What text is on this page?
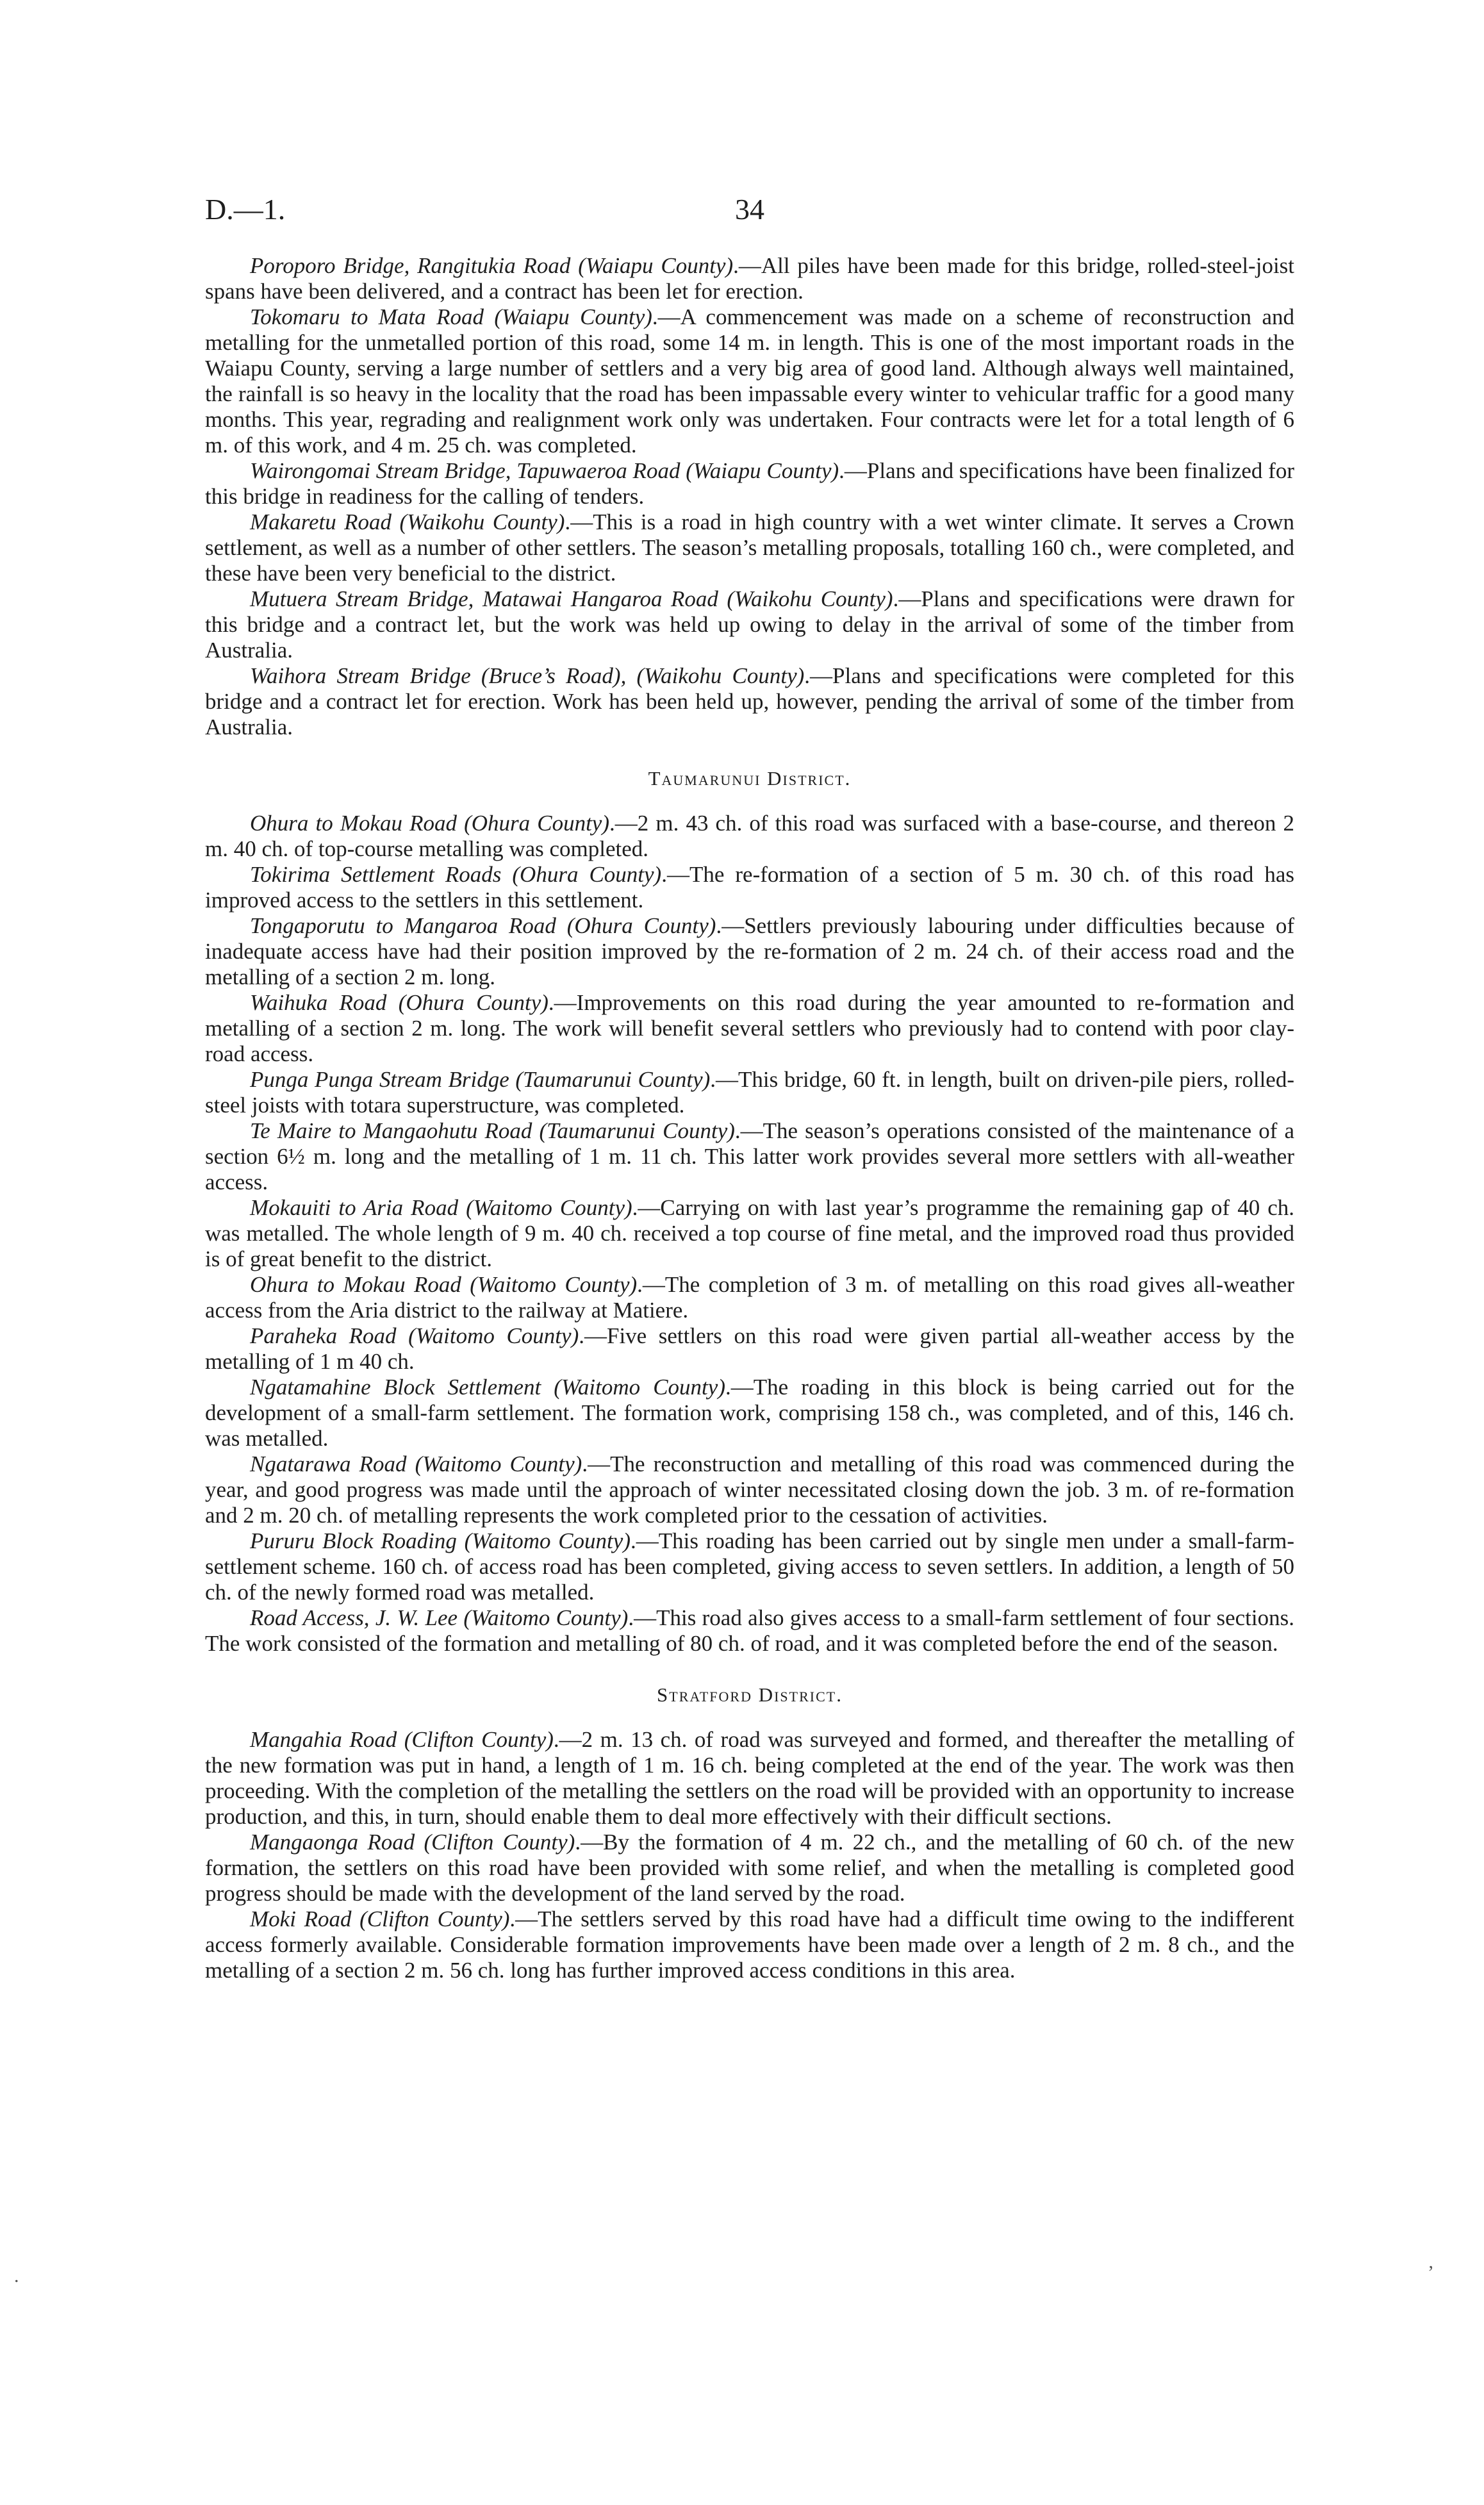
D.—1.	34

Poroporo Bridge, Rangitukia Road (Waiapu County).—All piles have been made for this bridge, rolled-steel-joist spans have been delivered, and a contract has been let for erection.

Tokomaru to Mata Road (Waiapu County).—A commencement was made on a scheme of reconstruction and metalling for the unmetalled portion of this road, some 14 m. in length. This is one of the most important roads in the Waiapu County, serving a large number of settlers and a very big area of good land. Although always well maintained, the rainfall is so heavy in the locality that the road has been impassable every winter to vehicular traffic for a good many months. This year, regrading and realignment work only was undertaken. Four contracts were let for a total length of 6 m. of this work, and 4 m. 25 ch. was completed.

Wairongomai Stream Bridge, Tapuwaeroa Road (Waiapu County).—Plans and specifications have been finalized for this bridge in readiness for the calling of tenders.

Makaretu Road (Waikohu County).—This is a road in high country with a wet winter climate. It serves a Crown settlement, as well as a number of other settlers. The season’s metalling proposals, totalling 160 ch., were completed, and these have been very beneficial to the district.

Mutuera Stream Bridge, Matawai Hangaroa Road (Waikohu County).—Plans and specifications were drawn for this bridge and a contract let, but the work was held up owing to delay in the arrival of some of the timber from Australia.

Waihora Stream Bridge (Bruce’s Road), (Waikohu County).—Plans and specifications were completed for this bridge and a contract let for erection. Work has been held up, however, pending the arrival of some of the timber from Australia.

Taumarunui District.

Ohura to Mokau Road (Ohura County).—2 m. 43 ch. of this road was surfaced with a base-course, and thereon 2 m. 40 ch. of top-course metalling was completed.

Tokirima Settlement Roads (Ohura County).—The re-formation of a section of 5 m. 30 ch. of this road has improved access to the settlers in this settlement.

Tongaporutu to Mangaroa Road (Ohura County).—Settlers previously labouring under difficulties because of inadequate access have had their position improved by the re-formation of 2 m. 24 ch. of their access road and the metalling of a section 2 m. long.

Waihuka Road (Ohura County).—Improvements on this road during the year amounted to re-formation and metalling of a section 2 m. long. The work will benefit several settlers who previously had to contend with poor clay-road access.

Punga Punga Stream Bridge (Taumarunui County).—This bridge, 60 ft. in length, built on driven-pile piers, rolled-steel joists with totara superstructure, was completed.

Te Maire to Mangaohutu Road (Taumarunui County).—The season’s operations consisted of the maintenance of a section 6½ m. long and the metalling of 1 m. 11 ch. This latter work provides several more settlers with all-weather access.

Mokauiti to Aria Road (Waitomo County).—Carrying on with last year’s programme the remaining gap of 40 ch. was metalled. The whole length of 9 m. 40 ch. received a top course of fine metal, and the improved road thus provided is of great benefit to the district.

Ohura to Mokau Road (Waitomo County).—The completion of 3 m. of metalling on this road gives all-weather access from the Aria district to the railway at Matiere.

Paraheka Road (Waitomo County).—Five settlers on this road were given partial all-weather access by the metalling of 1 m 40 ch.

Ngatamahine Block Settlement (Waitomo County).—The roading in this block is being carried out for the development of a small-farm settlement. The formation work, comprising 158 ch., was completed, and of this, 146 ch. was metalled.

Ngatarawa Road (Waitomo County).—The reconstruction and metalling of this road was commenced during the year, and good progress was made until the approach of winter necessitated closing down the job. 3 m. of re-formation and 2 m. 20 ch. of metalling represents the work completed prior to the cessation of activities.

Pururu Block Roading (Waitomo County).—This roading has been carried out by single men under a small-farm-settlement scheme. 160 ch. of access road has been completed, giving access to seven settlers. In addition, a length of 50 ch. of the newly formed road was metalled.

Road Access, J. W. Lee (Waitomo County).—This road also gives access to a small-farm settlement of four sections. The work consisted of the formation and metalling of 80 ch. of road, and it was completed before the end of the season.

Stratford District.

Mangahia Road (Clifton County).—2 m. 13 ch. of road was surveyed and formed, and thereafter the metalling of the new formation was put in hand, a length of 1 m. 16 ch. being completed at the end of the year. The work was then proceeding. With the completion of the metalling the settlers on the road will be provided with an opportunity to increase production, and this, in turn, should enable them to deal more effectively with their difficult sections.

Mangaonga Road (Clifton County).—By the formation of 4 m. 22 ch., and the metalling of 60 ch. of the new formation, the settlers on this road have been provided with some relief, and when the metalling is completed good progress should be made with the development of the land served by the road.

Moki Road (Clifton County).—The settlers served by this road have had a difficult time owing to the indifferent access formerly available. Considerable formation improvements have been made over a length of 2 m. 8 ch., and the metalling of a section 2 m. 56 ch. long has further improved access conditions in this area.

.	ʼ
